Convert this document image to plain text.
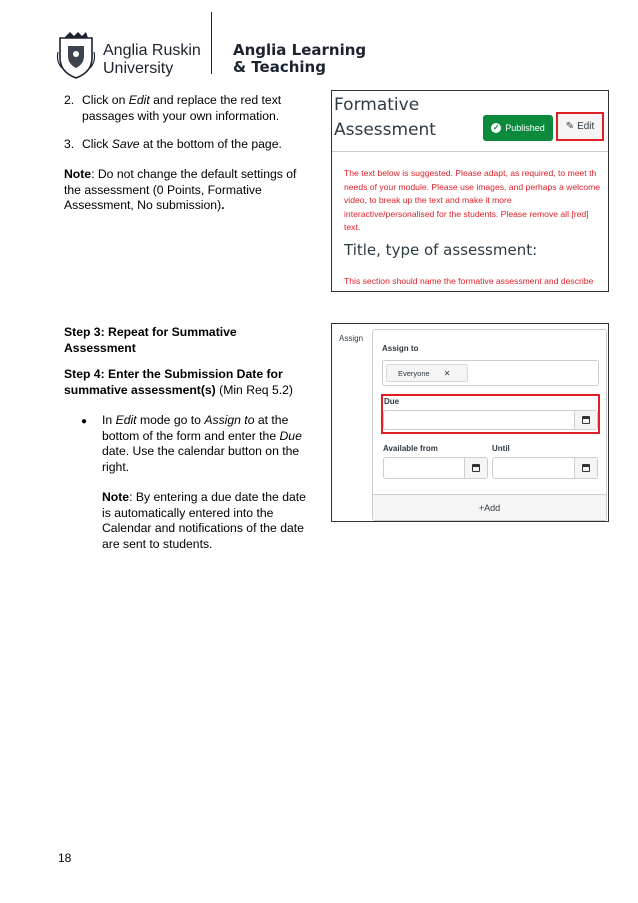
Anglia Ruskin
University
Anglia Learning
& Teaching
2. Click on Edit and replace the red text
passages with your own information.
3. Click Save at the bottom of the page.
Note: Do not change the default settings of
the assessment (0 Points, Formative
Assessment, No submission).
Formative
Assessment	✓ Published ✎ Edit
The text below is suggested. Please adapt, as required, to meet th
needs of your module. Please use images, and perhaps a welcome
video, to break up the text and make it more
interactive/personalised for the students. Please remove all [red]
text.
Title, type of assessment:
This section should name the formative assessment and describe
Step 3: Repeat for Summative
Assessment
Step 4: Enter the Submission Date for
summative assessment(s) (Min Req 5.2)
● In Edit mode go to Assign to at the
bottom of the form and enter the Due
date. Use the calendar button on the
right.
Note: By entering a due date the date
is automatically entered into the
Calendar and notifications of the date
are sent to students.
Assign
Assign to
Everyone ✕
Due
Available from	Until
+Add
18
